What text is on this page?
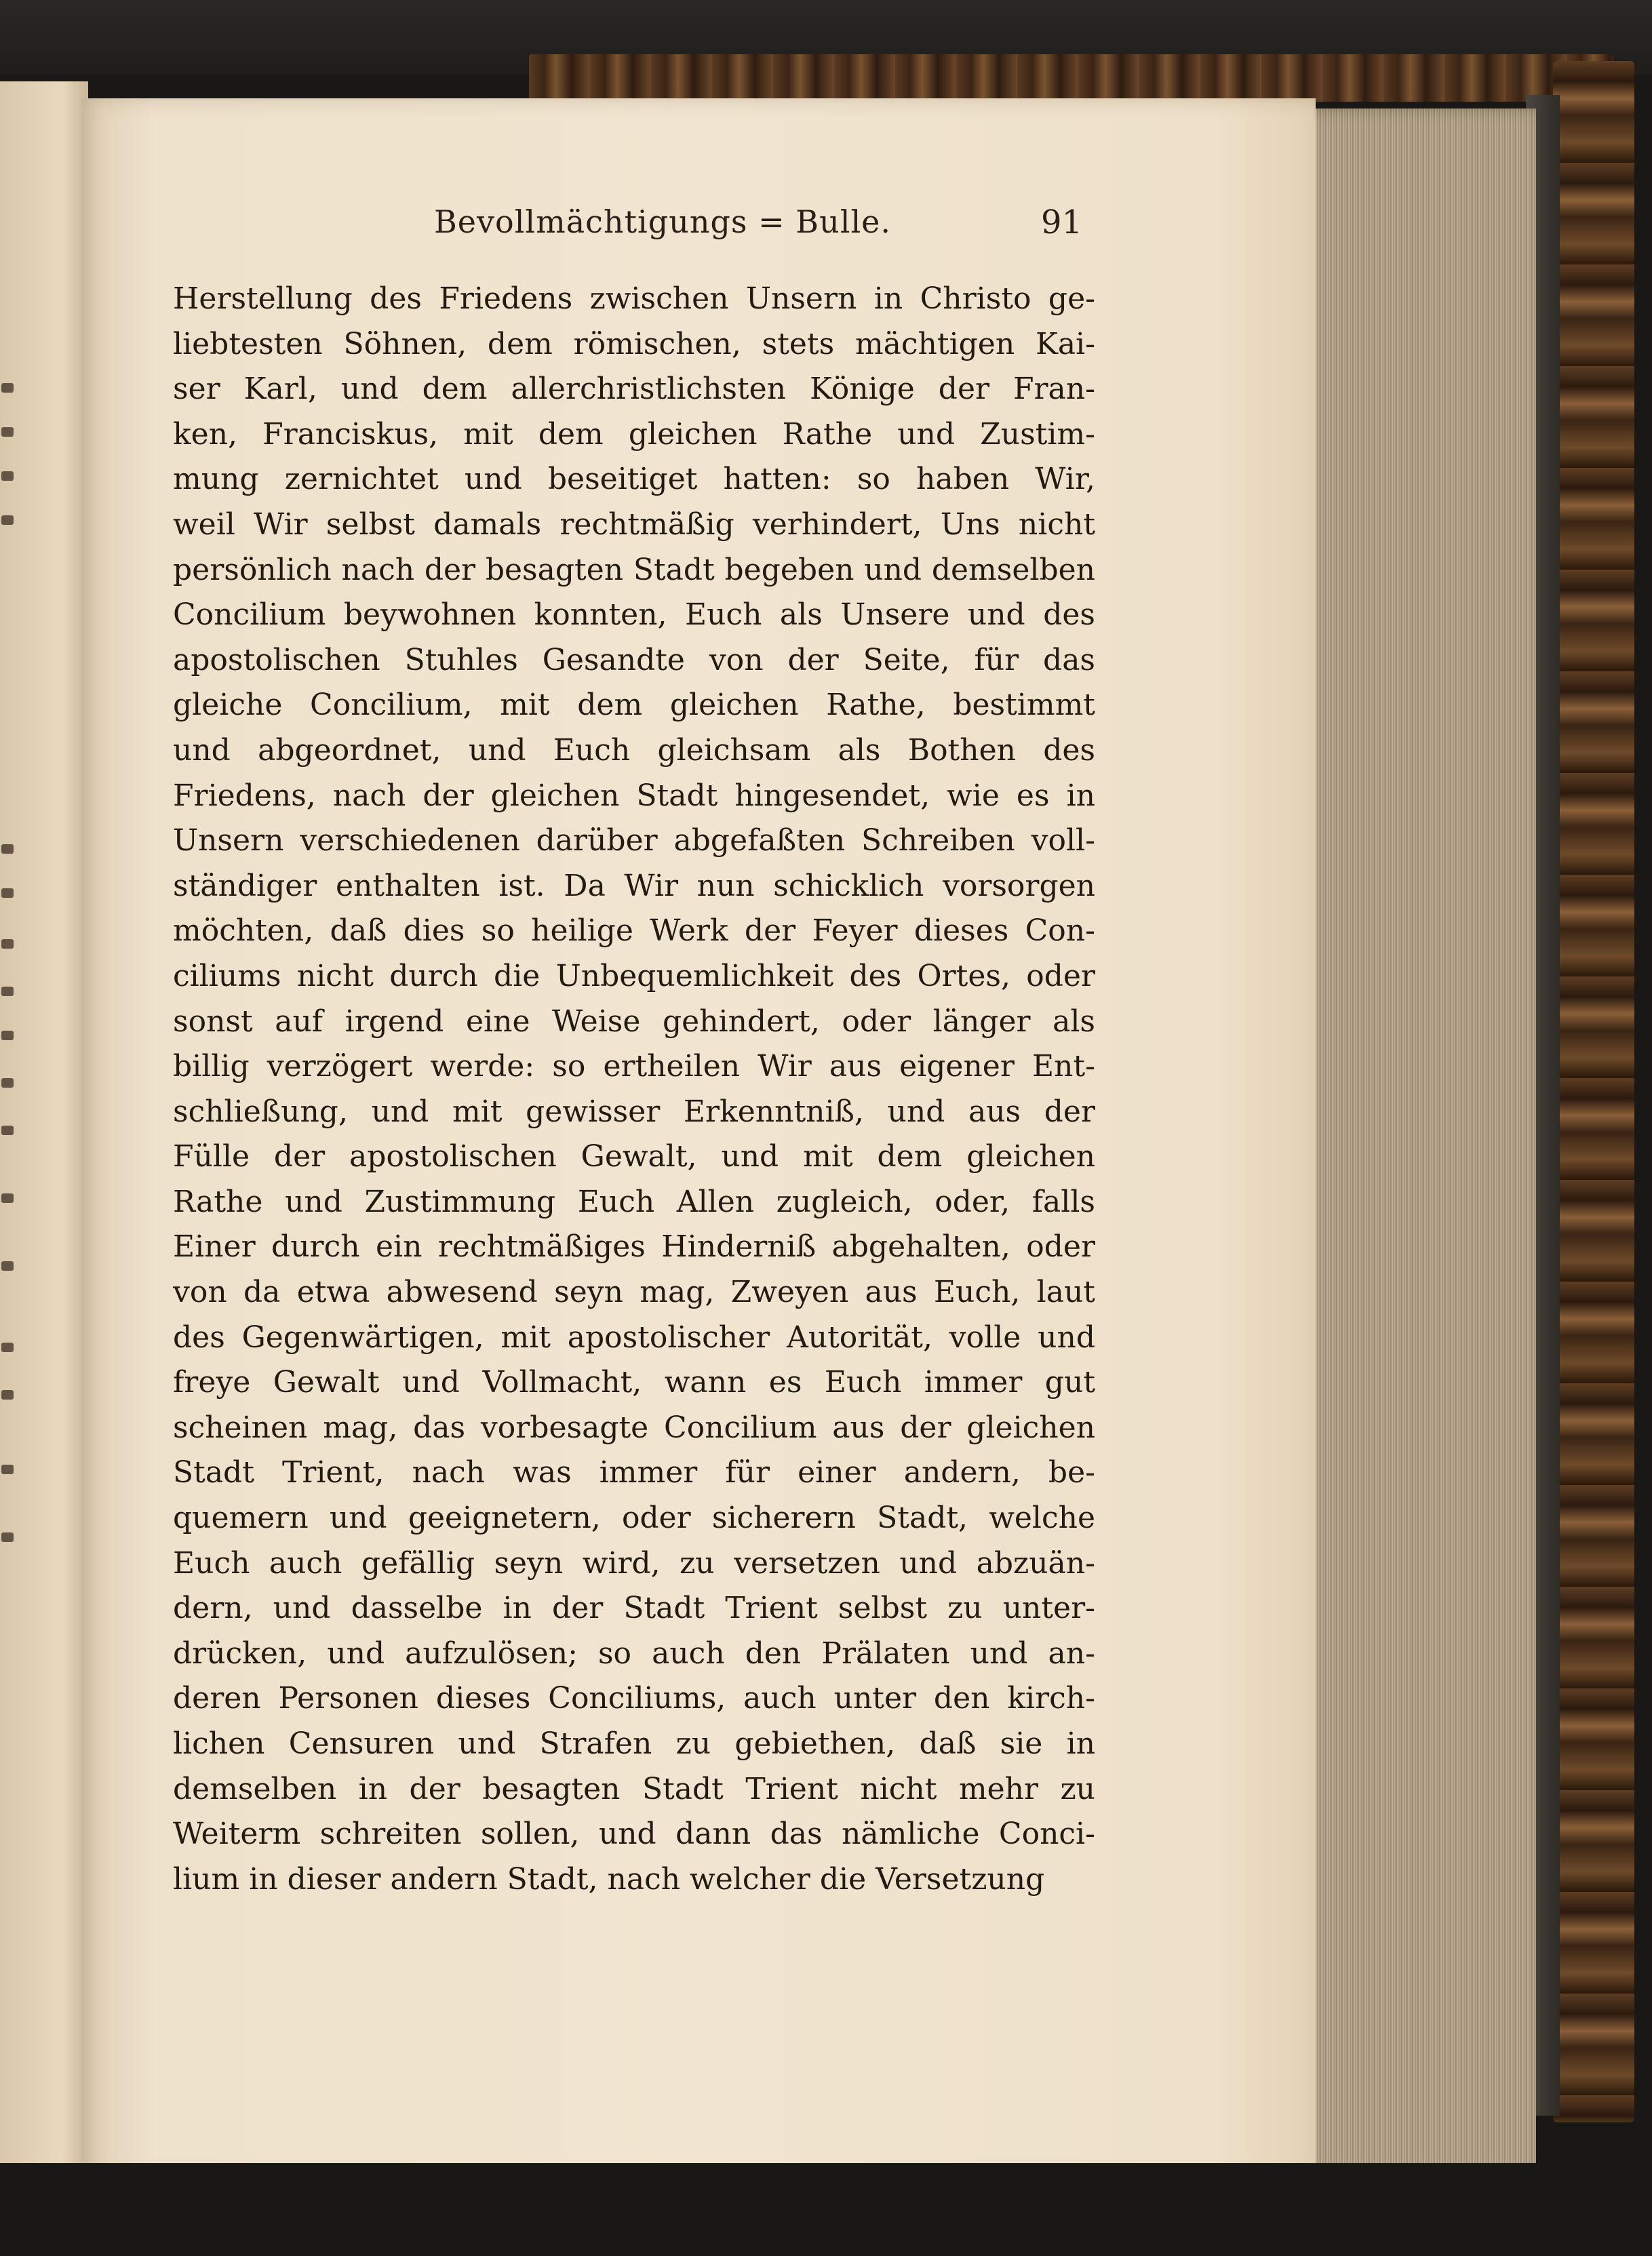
Bevollmächtigungs = Bulle.	91
Herstellung des Friedens zwischen Unsern in Christo ge-
liebtesten Söhnen, dem römischen, stets mächtigen Kai-
ser Karl, und dem allerchristlichsten Könige der Fran-
ken, Franciskus, mit dem gleichen Rathe und Zustim-
mung zernichtet und beseitiget hatten: so haben Wir,
weil Wir selbst damals rechtmäßig verhindert, Uns nicht
persönlich nach der besagten Stadt begeben und demselben
Concilium beywohnen konnten, Euch als Unsere und des
apostolischen Stuhles Gesandte von der Seite, für das
gleiche Concilium, mit dem gleichen Rathe, bestimmt
und abgeordnet, und Euch gleichsam als Bothen des
Friedens, nach der gleichen Stadt hingesendet, wie es in
Unsern verschiedenen darüber abgefaßten Schreiben voll-
ständiger enthalten ist. Da Wir nun schicklich vorsorgen
möchten, daß dies so heilige Werk der Feyer dieses Con-
ciliums nicht durch die Unbequemlichkeit des Ortes, oder
sonst auf irgend eine Weise gehindert, oder länger als
billig verzögert werde: so ertheilen Wir aus eigener Ent-
schließung, und mit gewisser Erkenntniß, und aus der
Fülle der apostolischen Gewalt, und mit dem gleichen
Rathe und Zustimmung Euch Allen zugleich, oder, falls
Einer durch ein rechtmäßiges Hinderniß abgehalten, oder
von da etwa abwesend seyn mag, Zweyen aus Euch, laut
des Gegenwärtigen, mit apostolischer Autorität, volle und
freye Gewalt und Vollmacht, wann es Euch immer gut
scheinen mag, das vorbesagte Concilium aus der gleichen
Stadt Trient, nach was immer für einer andern, be-
quemern und geeignetern, oder sicherern Stadt, welche
Euch auch gefällig seyn wird, zu versetzen und abzuän-
dern, und dasselbe in der Stadt Trient selbst zu unter-
drücken, und aufzulösen; so auch den Prälaten und an-
deren Personen dieses Conciliums, auch unter den kirch-
lichen Censuren und Strafen zu gebiethen, daß sie in
demselben in der besagten Stadt Trient nicht mehr zu
Weiterm schreiten sollen, und dann das nämliche Conci-
lium in dieser andern Stadt, nach welcher die Versetzung
